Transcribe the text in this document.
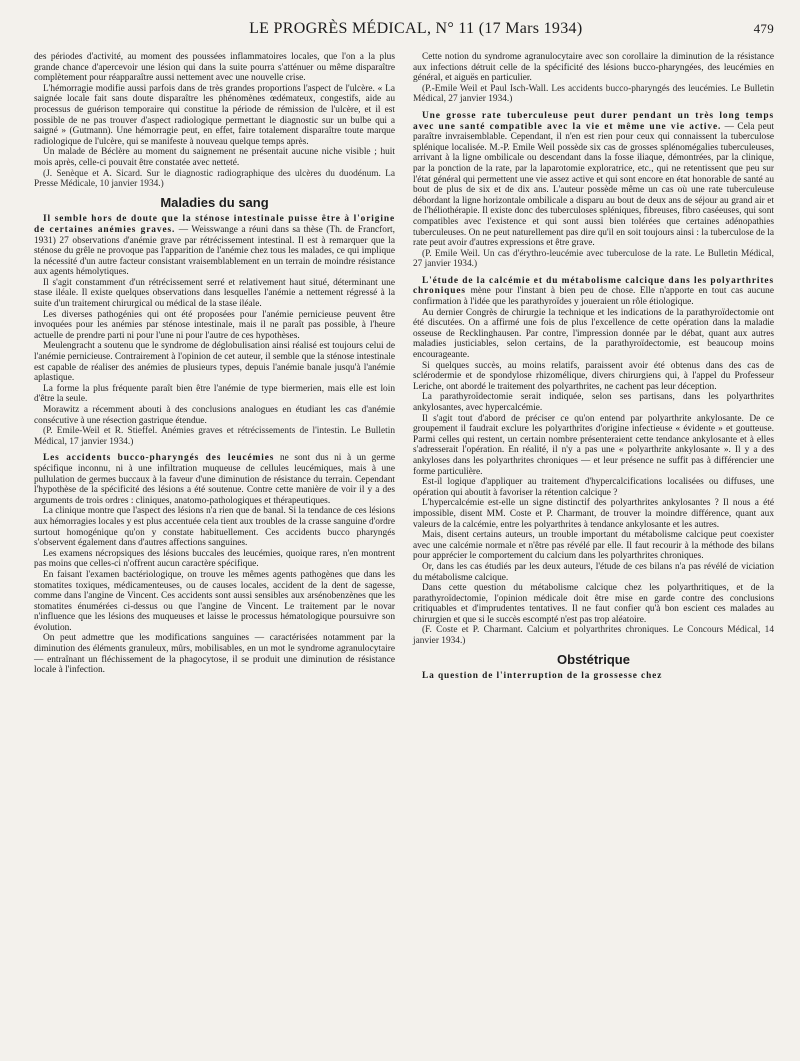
LE PROGRÈS MÉDICAL, N° 11 (17 Mars 1934)	479

des périodes d'activité, au moment des poussées inflammatoires locales, que l'on a la plus grande chance d'apercevoir une lésion qui dans la suite pourra s'atténuer ou même disparaître complètement pour réapparaître aussi nettement avec une nouvelle crise.

L'hémorragie modifie aussi parfois dans de très grandes proportions l'aspect de l'ulcère. « La saignée locale fait sans doute disparaître les phénomènes œdémateux, congestifs, aide au processus de guérison temporaire qui constitue la période de rémission de l'ulcère, et il est possible de ne pas trouver d'aspect radiologique permettant le diagnostic sur un bulbe qui a saigné » (Gutmann). Une hémorragie peut, en effet, faire totalement disparaître toute marque radiologique de l'ulcère, qui se manifeste à nouveau quelque temps après.

Un malade de Béclère au moment du saignement ne présentait aucune niche visible ; huit mois après, celle-ci pouvait être constatée avec netteté.

(J. Senèque et A. Sicard. Sur le diagnostic radiographique des ulcères du duodénum. La Presse Médicale, 10 janvier 1934.)

Maladies du sang

Il semble hors de doute que la sténose intestinale puisse être à l'origine de certaines anémies graves. — Weisswange a réuni dans sa thèse (Th. de Francfort, 1931) 27 observations d'anémie grave par rétrécissement intestinal. Il est à remarquer que la sténose du grêle ne provoque pas l'apparition de l'anémie chez tous les malades, ce qui implique la nécessité d'un autre facteur consistant vraisemblablement en un terrain de moindre résistance aux agents hémolytiques.

Il s'agit constamment d'un rétrécissement serré et relativement haut situé, déterminant une stase iléale. Il existe quelques observations dans lesquelles l'anémie a nettement régressé à la suite d'un traitement chirurgical ou médical de la stase iléale.

Les diverses pathogénies qui ont été proposées pour l'anémie pernicieuse peuvent être invoquées pour les anémies par sténose intestinale, mais il ne paraît pas possible, à l'heure actuelle de prendre parti ni pour l'une ni pour l'autre de ces hypothèses.

Meulengracht a soutenu que le syndrome de déglobulisation ainsi réalisé est toujours celui de l'anémie pernicieuse. Contrairement à l'opinion de cet auteur, il semble que la sténose intestinale est capable de réaliser des anémies de plusieurs types, depuis l'anémie banale jusqu'à l'anémie aplastique.

La forme la plus fréquente paraît bien être l'anémie de type biermerien, mais elle est loin d'être la seule.

Morawitz a récemment abouti à des conclusions analogues en étudiant les cas d'anémie consécutive à une résection gastrique étendue.

(P. Emile-Weil et R. Stieffel. Anémies graves et rétrécissements de l'intestin. Le Bulletin Médical, 17 janvier 1934.)

Les accidents bucco-pharyngés des leucémies ne sont dus ni à un germe spécifique inconnu, ni à une infiltration muqueuse de cellules leucémiques, mais à une pullulation de germes buccaux à la faveur d'une diminution de résistance du terrain. Cependant l'hypothèse de la spécificité des lésions a été soutenue. Contre cette manière de voir il y a des arguments de trois ordres : cliniques, anatomo-pathologiques et thérapeutiques.

La clinique montre que l'aspect des lésions n'a rien que de banal. Si la tendance de ces lésions aux hémorragies locales y est plus accentuée cela tient aux troubles de la crasse sanguine d'ordre surtout homogénique qu'on y constate habituellement. Ces accidents bucco pharyngés s'observent également dans d'autres affections sanguines.

Les examens nécropsiques des lésions buccales des leucémies, quoique rares, n'en montrent pas moins que celles-ci n'offrent aucun caractère spécifique.

En faisant l'examen bactériologique, on trouve les mêmes agents pathogènes que dans les stomatites toxiques, médicamenteuses, ou de causes locales, accident de la dent de sagesse, comme dans l'angine de Vincent. Ces accidents sont aussi sensibles aux arsénobenzènes que les stomatites énumérées ci-dessus ou que l'angine de Vincent. Le traitement par le novar n'influence que les lésions des muqueuses et laisse le processus hématologique poursuivre son évolution.

On peut admettre que les modifications sanguines — caractérisées notamment par la diminution des éléments granuleux, mûrs, mobilisables, en un mot le syndrome agranulocytaire — entraînant un fléchissement de la phagocytose, il se produit une diminution de résistance locale à l'infection.

Cette notion du syndrome agranulocytaire avec son corollaire la diminution de la résistance aux infections détruit celle de la spécificité des lésions bucco-pharyngées, des leucémies en général, et aiguës en particulier.

(P.-Emile Weil et Paul Isch-Wall. Les accidents bucco-pharyngés des leucémies. Le Bulletin Médical, 27 janvier 1934.)

Une grosse rate tuberculeuse peut durer pendant un très long temps avec une santé compatible avec la vie et même une vie active. — Cela peut paraître invraisemblable. Cependant, il n'en est rien pour ceux qui connaissent la tuberculose splénique localisée. M.-P. Emile Weil possède six cas de grosses splénomégalies tuberculeuses, arrivant à la ligne ombilicale ou descendant dans la fosse iliaque, démontrées, par la clinique, par la ponction de la rate, par la laparotomie exploratrice, etc., qui ne retentissent que peu sur l'état général qui permettent une vie assez active et qui sont encore en état honorable de santé au bout de plus de six et de dix ans. L'auteur possède même un cas où une rate tuberculeuse débordant la ligne horizontale ombilicale a disparu au bout de deux ans de séjour au grand air et de l'héliothérapie. Il existe donc des tuberculoses spléniques, fibreuses, fibro caséeuses, qui sont compatibles avec l'existence et qui sont aussi bien tolérées que certaines adénopathies tuberculeuses. On ne peut naturellement pas dire qu'il en soit toujours ainsi : la tuberculose de la rate peut avoir d'autres expressions et être grave.

(P. Emile Weil. Un cas d'érythro-leucémie avec tuberculose de la rate. Le Bulletin Médical, 27 janvier 1934.)

L'étude de la calcémie et du métabolisme calcique dans les polyarthrites chroniques mène pour l'instant à bien peu de chose. Elle n'apporte en tout cas aucune confirmation à l'idée que les parathyroïdes y joueraient un rôle étiologique.

Au dernier Congrès de chirurgie la technique et les indications de la parathyroïdectomie ont été discutées. On a affirmé une fois de plus l'excellence de cette opération dans la maladie osseuse de Recklinghausen. Par contre, l'impression donnée par le débat, quant aux autres maladies justiciables, selon certains, de la parathyroïdectomie, est beaucoup moins encourageante.

Si quelques succès, au moins relatifs, paraissent avoir été obtenus dans des cas de sclérodermie et de spondylose rhizomélique, divers chirurgiens qui, à l'appel du Professeur Leriche, ont abordé le traitement des polyarthrites, ne cachent pas leur déception.

La parathyroïdectomie serait indiquée, selon ses partisans, dans les polyarthrites ankylosantes, avec hypercalcémie.

Il s'agit tout d'abord de préciser ce qu'on entend par polyarthrite ankylosante. De ce groupement il faudrait exclure les polyarthrites d'origine infectieuse « évidente » et goutteuse. Parmi celles qui restent, un certain nombre présenteraient cette tendance ankylosante et à elles s'adresserait l'opération. En réalité, il n'y a pas une « polyarthrite ankylosante ». Il y a des ankyloses dans les polyarthrites chroniques — et leur présence ne suffit pas à différencier une forme particulière.

Est-il logique d'appliquer au traitement d'hypercalcifications localisées ou diffuses, une opération qui aboutit à favoriser la rétention calcique ?

L'hypercalcémie est-elle un signe distinctif des polyarthrites ankylosantes ? Il nous a été impossible, disent MM. Coste et P. Charmant, de trouver la moindre différence, quant aux valeurs de la calcémie, entre les polyarthrites à tendance ankylosante et les autres.

Mais, disent certains auteurs, un trouble important du métabolisme calcique peut coexister avec une calcémie normale et n'être pas révélé par elle. Il faut recourir à la méthode des bilans pour apprécier le comportement du calcium dans les polyarthrites chroniques.

Or, dans les cas étudiés par les deux auteurs, l'étude de ces bilans n'a pas révélé de viciation du métabolisme calcique.

Dans cette question du métabolisme calcique chez les polyarthritiques, et de la parathyroïdectomie, l'opinion médicale doit être mise en garde contre des conclusions critiquables et d'imprudentes tentatives. Il ne faut confier qu'à bon escient ces malades au chirurgien et que si le succès escompté n'est pas trop aléatoire.

(F. Coste et P. Charmant. Calcium et polyarthrites chroniques. Le Concours Médical, 14 janvier 1934.)

Obstétrique

La question de l'interruption de la grossesse chez
